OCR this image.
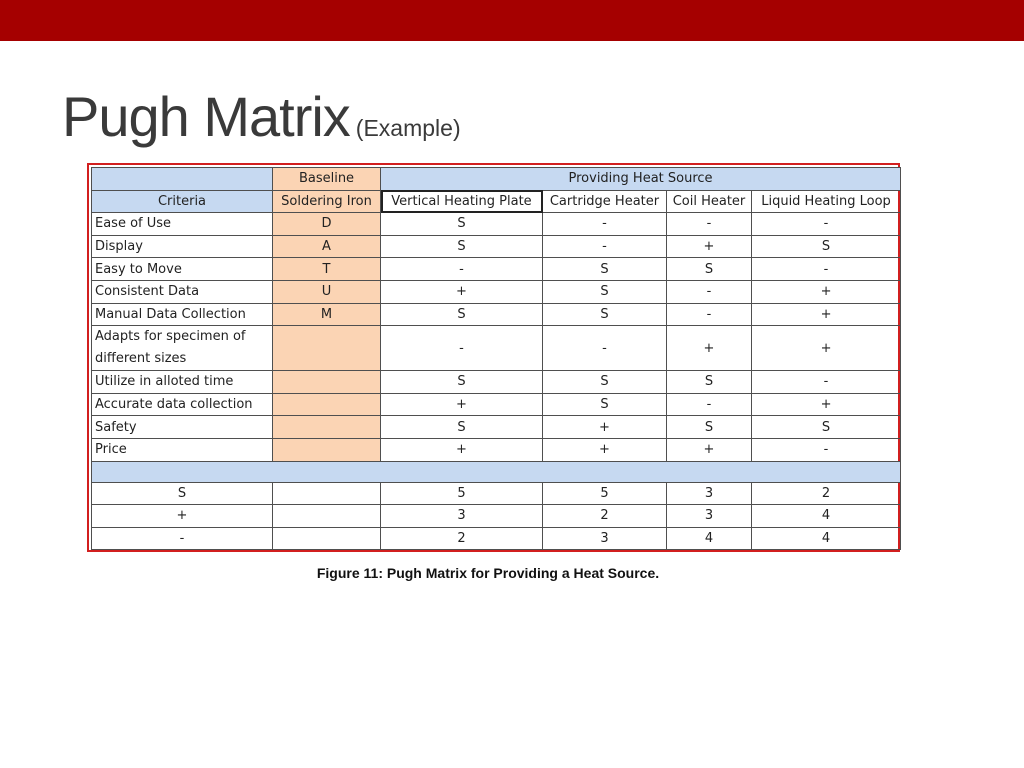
Pugh Matrix (Example)
	Baseline	Providing Heat Source			
Criteria	Soldering Iron	Vertical Heating Plate	Cartridge Heater	Coil Heater	Liquid Heating Loop
Ease of Use	D	S	-	-	-
Display	A	S	-	+	S
Easy to Move	T	-	S	S	-
Consistent Data	U	+	S	-	+
Manual Data Collection	M	S	S	-	+
Adapts for specimen of different sizes		-	-	+	+
Utilize in alloted time		S	S	S	-
Accurate data collection		+	S	-	+
Safety		S	+	S	S
Price		+	+	+	-

S		5	5	3	2
+		3	2	3	4
-		2	3	4	4
Figure 11: Pugh Matrix for Providing a Heat Source.
